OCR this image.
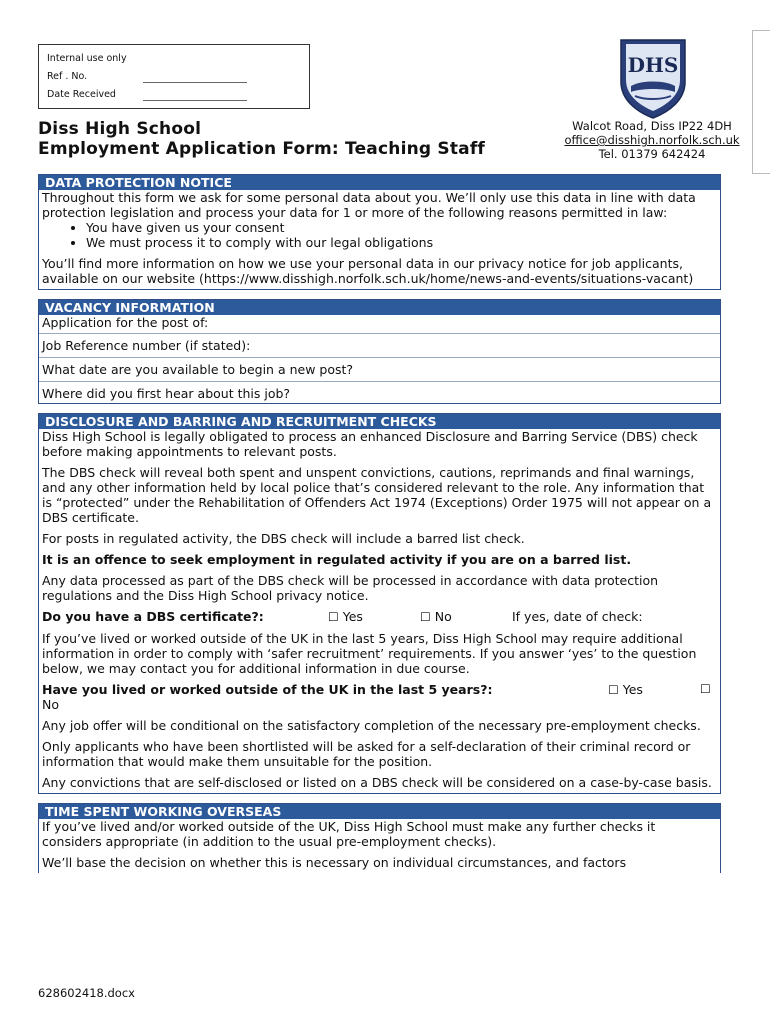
Internal use only
Ref . No.
Date Received
DHS
Walcot Road, Diss IP22 4DH
office@disshigh.norfolk.sch.uk
Tel. 01379 642424
Diss High School
Employment Application Form: Teaching Staff
DATA PROTECTION NOTICE
Throughout this form we ask for some personal data about you. We’ll only use this data in line with data protection legislation and process your data for 1 or more of the following reasons permitted in law:
• You have given us your consent
• We must process it to comply with our legal obligations
You’ll find more information on how we use your personal data in our privacy notice for job applicants, available on our website (https://www.disshigh.norfolk.sch.uk/home/news-and-events/situations-vacant)
VACANCY INFORMATION
Application for the post of:
Job Reference number (if stated):
What date are you available to begin a new post?
Where did you first hear about this job?
DISCLOSURE AND BARRING AND RECRUITMENT CHECKS
Diss High School is legally obligated to process an enhanced Disclosure and Barring Service (DBS) check before making appointments to relevant posts.
The DBS check will reveal both spent and unspent convictions, cautions, reprimands and final warnings, and any other information held by local police that’s considered relevant to the role. Any information that is “protected” under the Rehabilitation of Offenders Act 1974 (Exceptions) Order 1975 will not appear on a DBS certificate.
For posts in regulated activity, the DBS check will include a barred list check.
It is an offence to seek employment in regulated activity if you are on a barred list.
Any data processed as part of the DBS check will be processed in accordance with data protection regulations and the Diss High School privacy notice.
Do you have a DBS certificate?:	☐ Yes	☐ No	If yes, date of check:
If you’ve lived or worked outside of the UK in the last 5 years, Diss High School may require additional information in order to comply with ‘safer recruitment’ requirements. If you answer ‘yes’ to the question below, we may contact you for additional information in due course.
Have you lived or worked outside of the UK in the last 5 years?:	☐ Yes	☐
No
Any job offer will be conditional on the satisfactory completion of the necessary pre-employment checks.
Only applicants who have been shortlisted will be asked for a self-declaration of their criminal record or information that would make them unsuitable for the position.
Any convictions that are self-disclosed or listed on a DBS check will be considered on a case-by-case basis.
TIME SPENT WORKING OVERSEAS
If you’ve lived and/or worked outside of the UK, Diss High School must make any further checks it considers appropriate (in addition to the usual pre-employment checks).
We’ll base the decision on whether this is necessary on individual circumstances, and factors
628602418.docx
